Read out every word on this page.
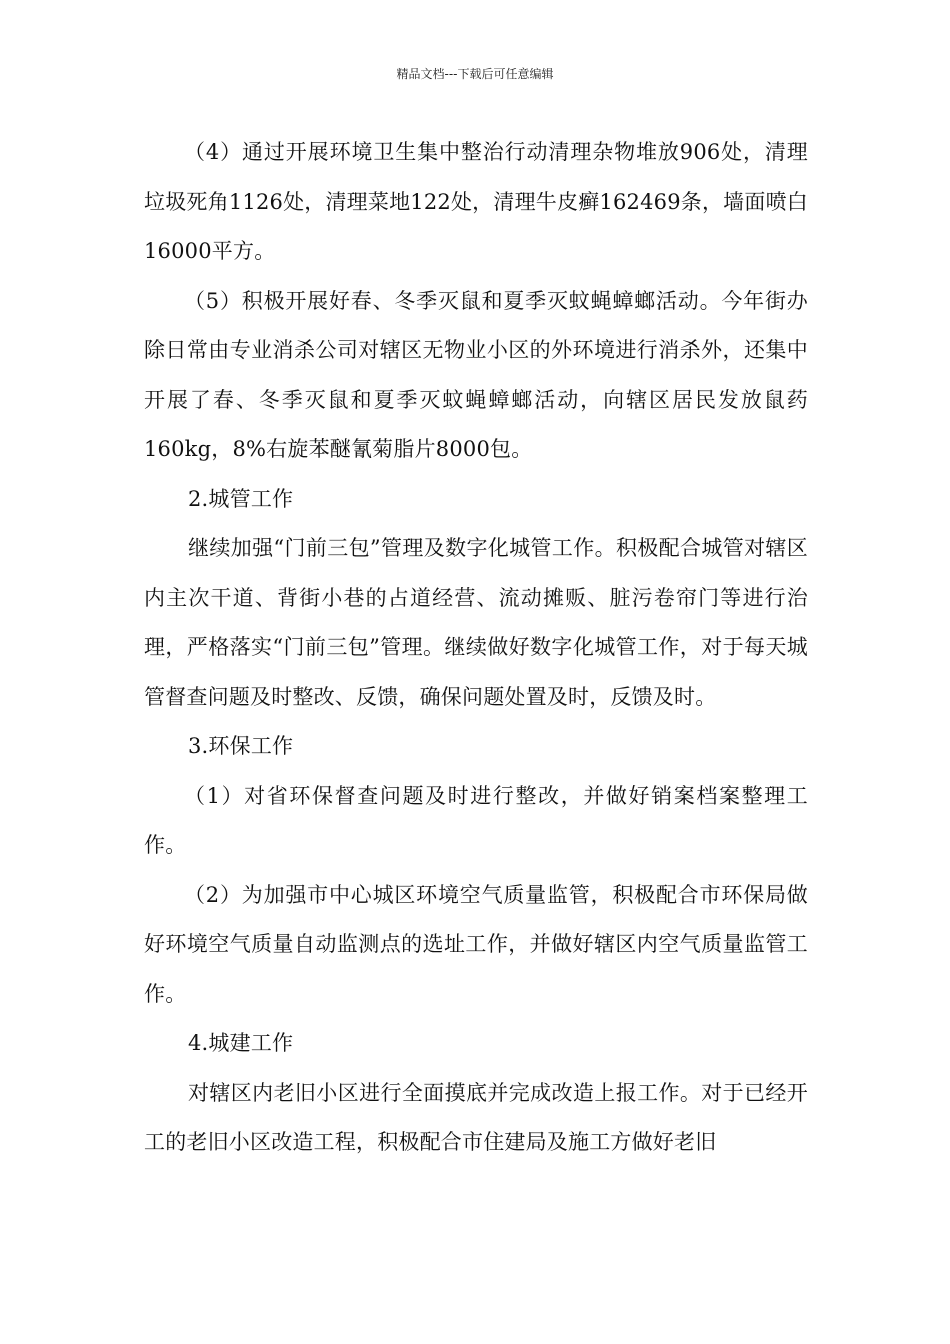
精品文档---下载后可任意编辑

（4）通过开展环境卫生集中整治行动清理杂物堆放906处，清理垃圾死角1126处，清理菜地122处，清理牛皮癣162469条，墙面喷白16000平方。

（5）积极开展好春、冬季灭鼠和夏季灭蚊蝇蟑螂活动。今年街办除日常由专业消杀公司对辖区无物业小区的外环境进行消杀外，还集中开展了春、冬季灭鼠和夏季灭蚊蝇蟑螂活动，向辖区居民发放鼠药160kg，8%右旋苯醚氰菊脂片8000包。

2.城管工作

继续加强“门前三包”管理及数字化城管工作。积极配合城管对辖区内主次干道、背街小巷的占道经营、流动摊贩、脏污卷帘门等进行治理，严格落实“门前三包”管理。继续做好数字化城管工作，对于每天城管督查问题及时整改、反馈，确保问题处置及时，反馈及时。

3.环保工作

（1）对省环保督查问题及时进行整改，并做好销案档案整理工作。

（2）为加强市中心城区环境空气质量监管，积极配合市环保局做好环境空气质量自动监测点的选址工作，并做好辖区内空气质量监管工作。

4.城建工作

对辖区内老旧小区进行全面摸底并完成改造上报工作。对于已经开工的老旧小区改造工程，积极配合市住建局及施工方做好老旧
